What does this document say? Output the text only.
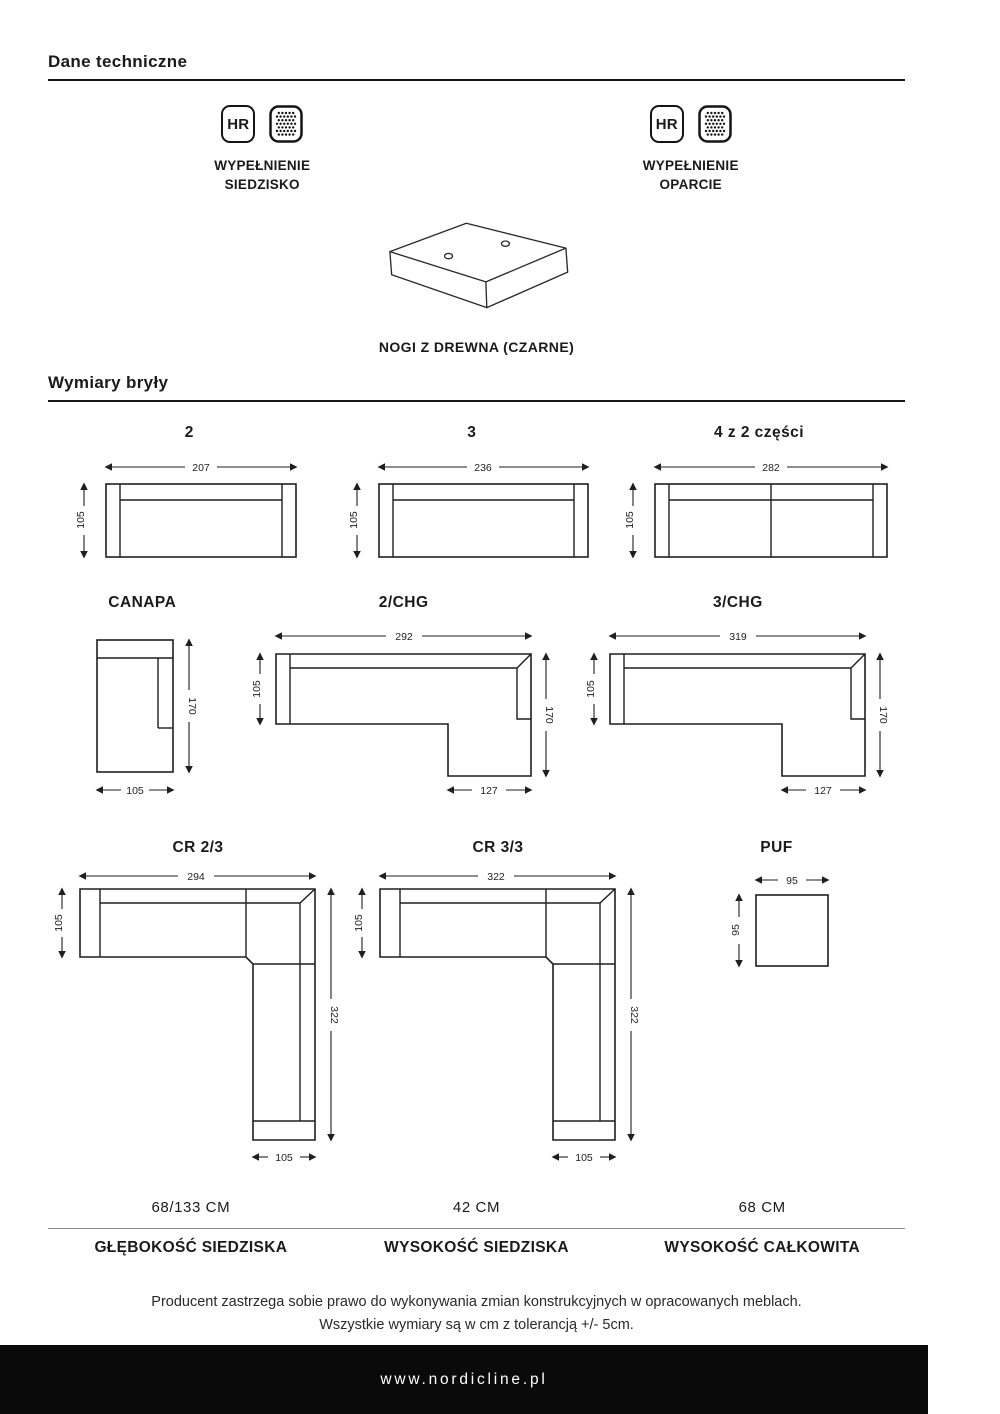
Dane techniczne
HR
WYPEŁNIENIE
SIEDZISKO
HR
WYPEŁNIENIE
OPARCIE
NOGI Z DREWNA (CZARNE)
Wymiary bryły
2
207
105
3
236
105
4 z 2 części
282
105
CANAPA
170
105
2/CHG
292
105
170
127
3/CHG
319
105
170
127
CR 2/3
294
105
322
105
CR 3/3
322
105
322
105
PUF
95
95
68/133 CM	42 CM	68 CM
GŁĘBOKOŚĆ SIEDZISKA	WYSOKOŚĆ SIEDZISKA	WYSOKOŚĆ CAŁKOWITA
Producent zastrzega sobie prawo do wykonywania zmian konstrukcyjnych w opracowanych meblach.
Wszystkie wymiary są w cm z tolerancją +/- 5cm.
www.nordicline.pl
